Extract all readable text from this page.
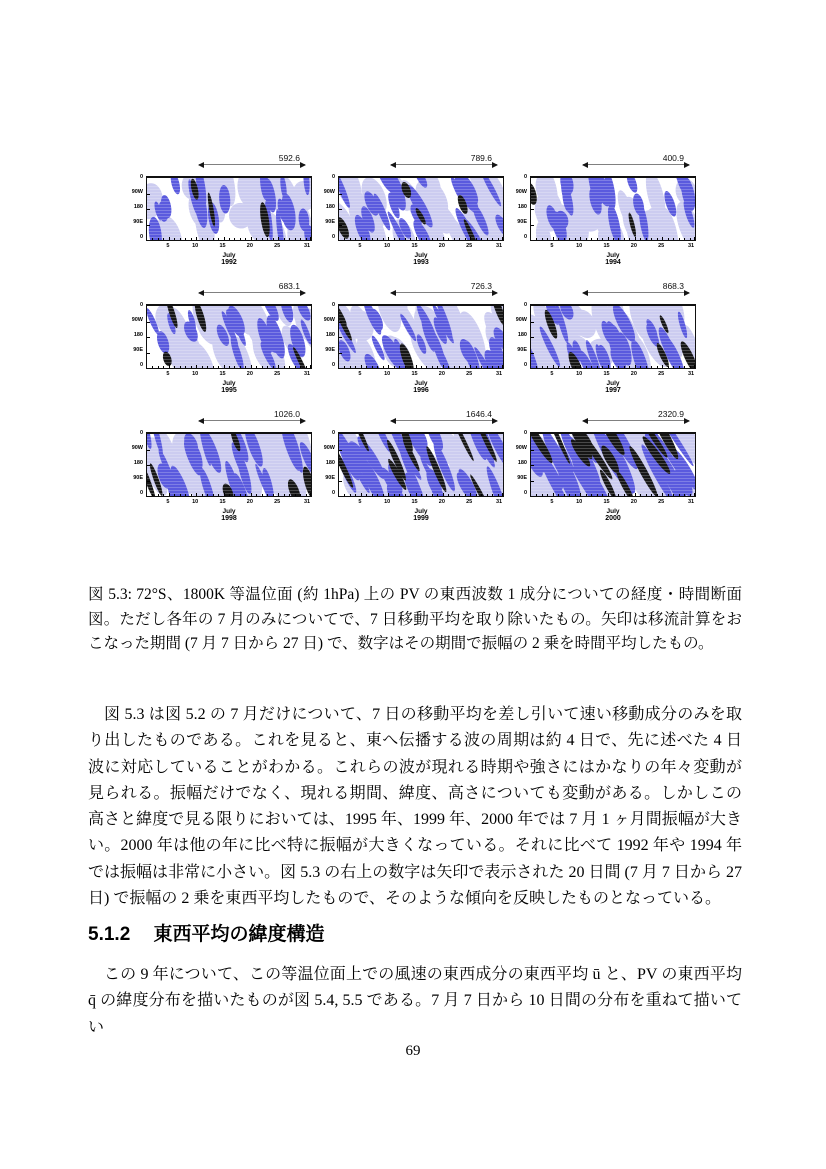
592.6
0
90W
180
90E
0
5	10	15	20	25	31
July
1992
789.6
0
90W
180
90E
0
5	10	15	20	25	31
July
1993
400.9
0
90W
180
90E
0
5	10	15	20	25	31
July
1994
683.1
0
90W
180
90E
0
5	10	15	20	25	31
July
1995
726.3
0
90W
180
90E
0
5	10	15	20	25	31
July
1996
868.3
0
90W
180
90E
0
5	10	15	20	25	31
July
1997
1026.0
0
90W
180
90E
0
5	10	15	20	25	31
July
1998
1646.4
0
90W
180
90E
0
5	10	15	20	25	31
July
1999
2320.9
0
90W
180
90E
0
5	10	15	20	25	31
July
2000
図 5.3: 72°S、1800K 等温位面 (約 1hPa) 上の PV の東西波数 1 成分についての経度・時間断面図。ただし各年の 7 月のみについてで、7 日移動平均を取り除いたもの。矢印は移流計算をおこなった期間 (7 月 7 日から 27 日) で、数字はその期間で振幅の 2 乗を時間平均したもの。
図 5.3 は図 5.2 の 7 月だけについて、7 日の移動平均を差し引いて速い移動成分のみを取り出したものである。これを見ると、東へ伝播する波の周期は約 4 日で、先に述べた 4 日波に対応していることがわかる。これらの波が現れる時期や強さにはかなりの年々変動が見られる。振幅だけでなく、現れる期間、緯度、高さについても変動がある。しかしこの高さと緯度で見る限りにおいては、1995 年、1999 年、2000 年では 7 月 1 ヶ月間振幅が大きい。2000 年は他の年に比べ特に振幅が大きくなっている。それに比べて 1992 年や 1994 年では振幅は非常に小さい。図 5.3 の右上の数字は矢印で表示された 20 日間 (7 月 7 日から 27 日) で振幅の 2 乗を東西平均したもので、そのような傾向を反映したものとなっている。
5.1.2 東西平均の緯度構造
この 9 年について、この等温位面上での風速の東西成分の東西平均 ū と、PV の東西平均 q̄ の緯度分布を描いたものが図 5.4, 5.5 である。7 月 7 日から 10 日間の分布を重ねて描いてい
69
